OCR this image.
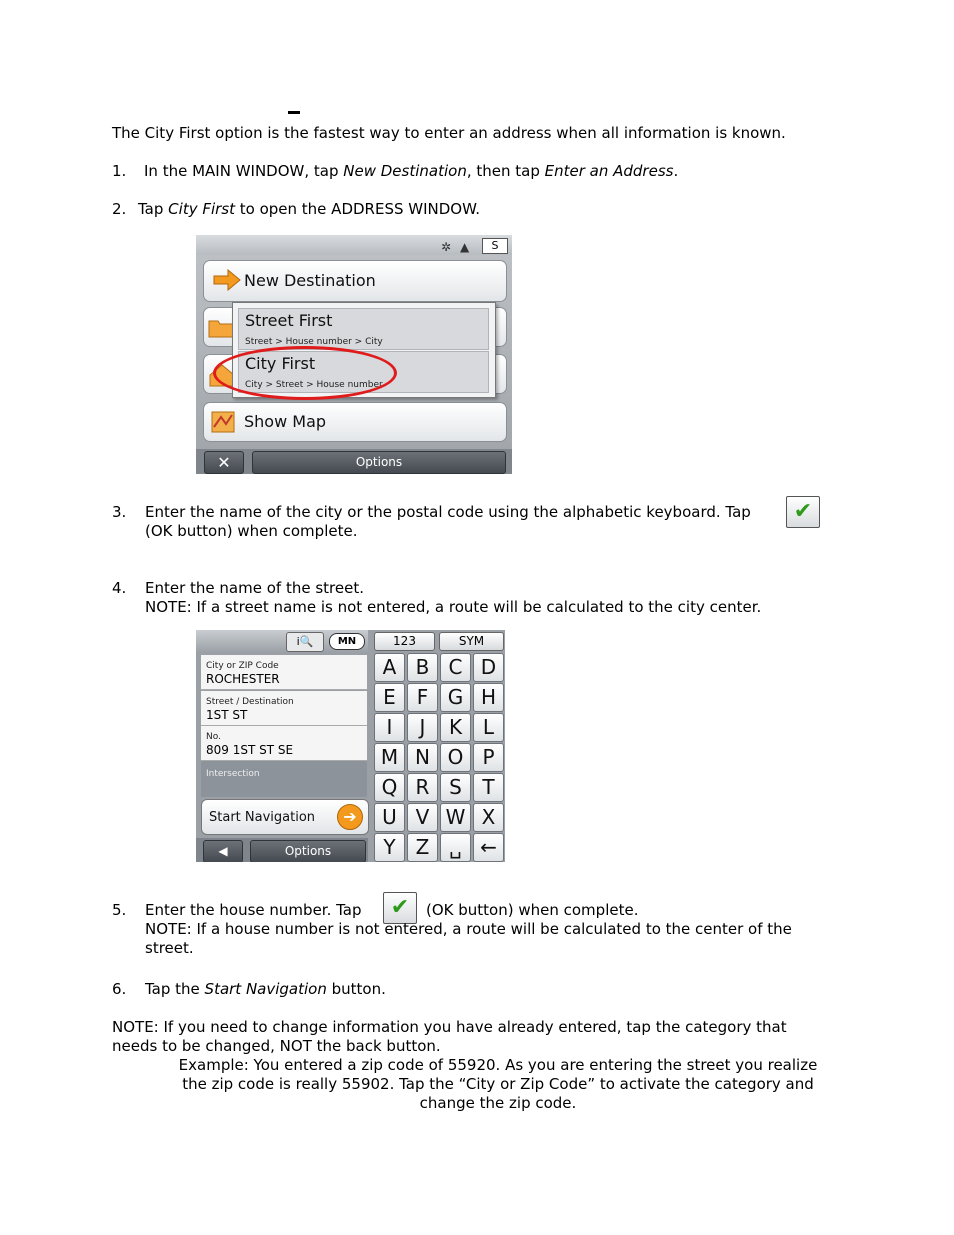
The City First option is the fastest way to enter an address when all information is known.
1. In the MAIN WINDOW, tap New Destination, then tap Enter an Address.
2. Tap City First to open the ADDRESS WINDOW.
✲ ▲	S
New Destination
Show Map
Street First
Street > House number > City
City First
City > Street > House number
✕	Options
3. Enter the name of the city or the postal code using the alphabetic keyboard. Tap	✔
(OK button) when complete.
4. Enter the name of the street.
NOTE: If a street name is not entered, a route will be calculated to the city center.
i🔍	MN
City or ZIP Code
ROCHESTER
Street / Destination
1ST ST
No.
809 1ST ST SE
Intersection
Start Navigation	➔
◀	Options
123	SYM
A B C D
E	F G H
I	J	K	L
M N O P
Q R S	T
U V W X
Y	Z ␣ ←
5. Enter the house number. Tap	✔	(OK button) when complete.
NOTE: If a house number is not entered, a route will be calculated to the center of the
street.
6. Tap the Start Navigation button.
NOTE: If you need to change information you have already entered, tap the category that
needs to be changed, NOT the back button.
Example: You entered a zip code of 55920. As you are entering the street you realize
the zip code is really 55902. Tap the “City or Zip Code” to activate the category and
change the zip code.
